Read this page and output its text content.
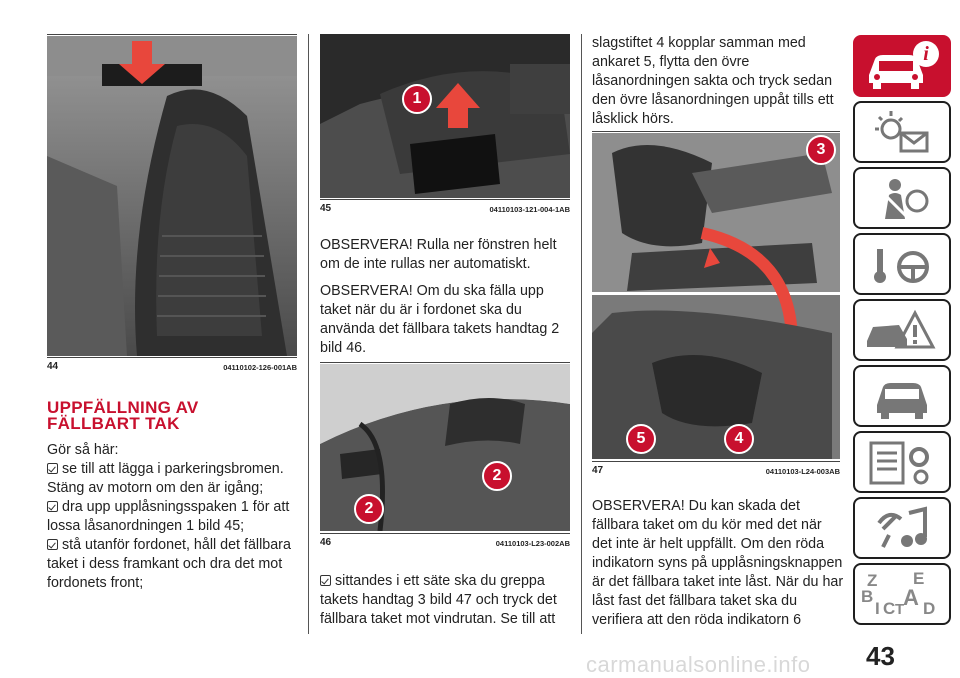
44	04110102-126-001AB
UPPFÄLLNING AV
FÄLLBART TAK

Gör så här:
se till att lägga i parkeringsbromen.
Stäng av motorn om den är igång;
dra upp upplåsningsspaken 1 för att
lossa låsanordningen 1 bild 45;
stå utanför fordonet, håll det fällbara
taket i dess framkant och dra det mot
fordonets front;

1
45	04110103-121-004-1AB

OBSERVERA! Rulla ner fönstren helt
om de inte rullas ner automatiskt.

OBSERVERA! Om du ska fälla upp
taket när du är i fordonet ska du
använda det fällbara takets handtag 2
bild 46.

2
2
46	04110103-L23-002AB

sittandes i ett säte ska du greppa
takets handtag 3 bild 47 och tryck det
fällbara taket mot vindrutan. Se till att

slagstiftet 4 kopplar samman med
ankaret 5, flytta den övre
låsanordningen sakta och tryck sedan
den övre låsanordningen uppåt tills ett
låsklick hörs.

3
5	4
47	04110103-L24-003AB

OBSERVERA! Du kan skada det
fällbara taket om du kör med det när
det inte är helt uppfällt. Om den röda
indikatorn syns på upplåsningsknappen
är det fällbara taket inte låst. När du har
låst fast det fällbara taket ska du
verifiera att den röda indikatorn 6

i
Z E
B A
I C T D
carmanualsonline.info 43
